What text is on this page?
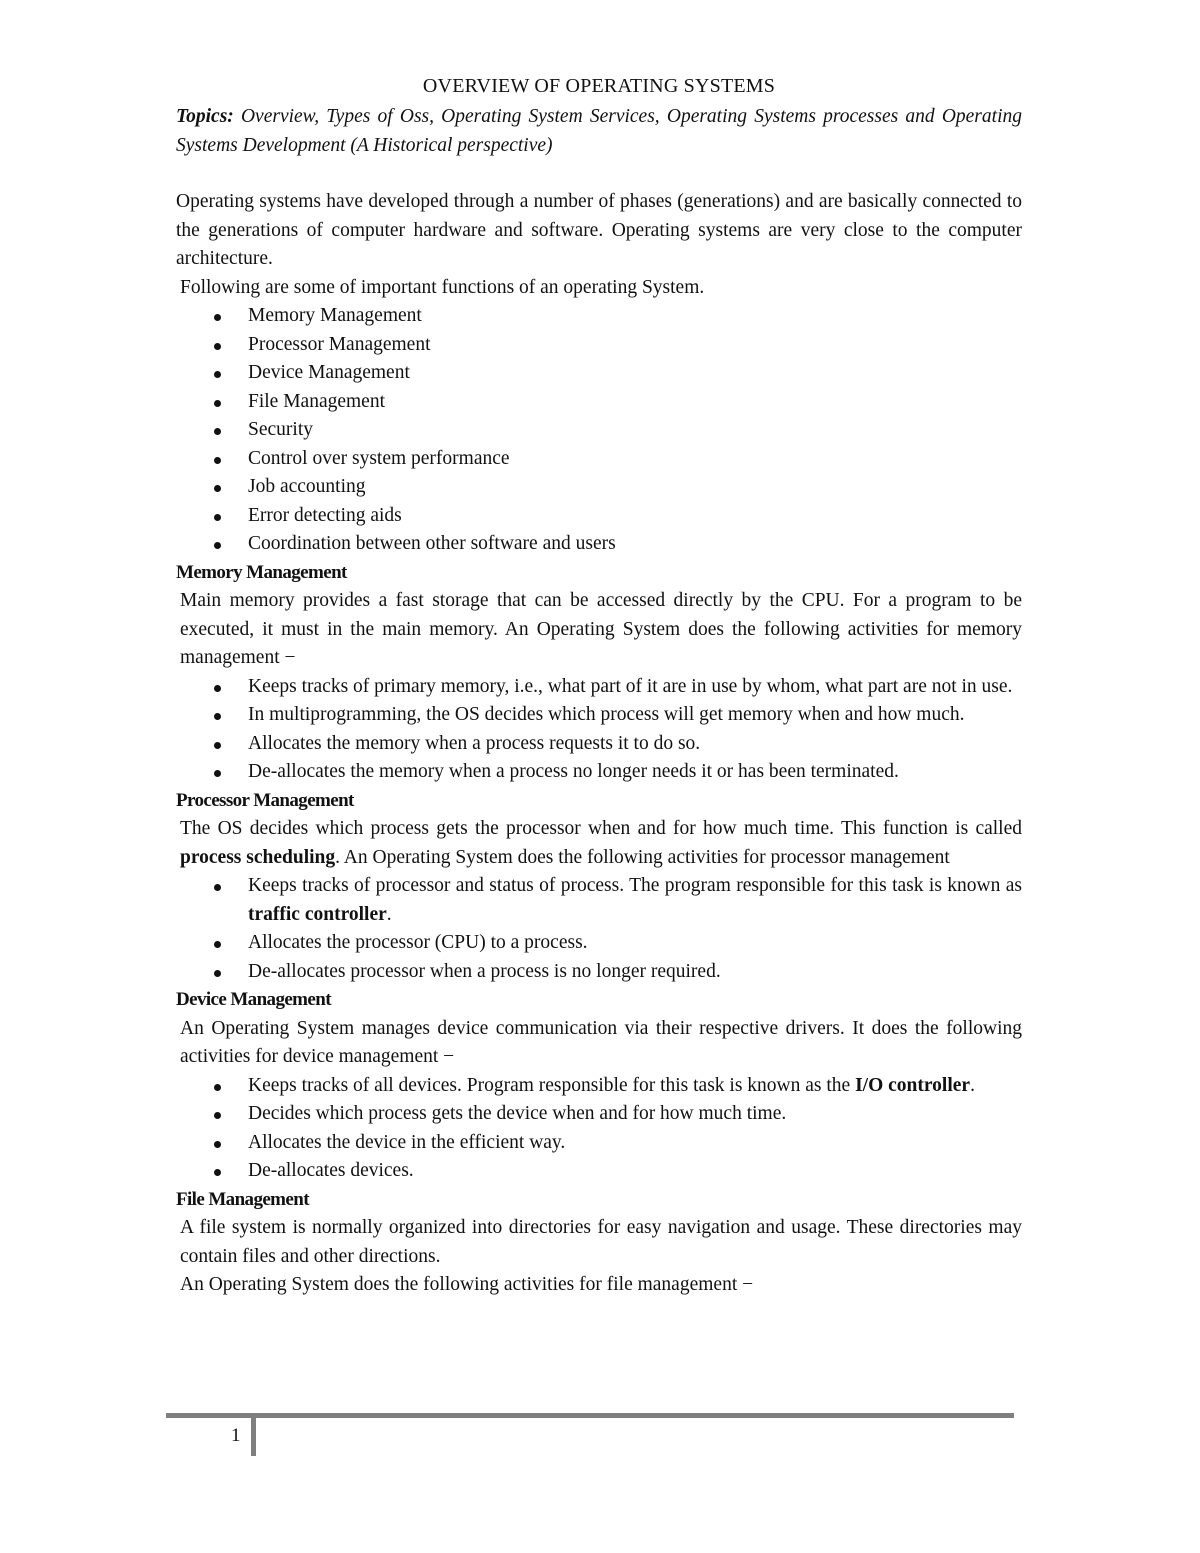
OVERVIEW OF OPERATING SYSTEMS

Topics: Overview, Types of Oss, Operating System Services, Operating Systems processes and Operating Systems Development (A Historical perspective)

Operating systems have developed through a number of phases (generations) and are basically connected to the generations of computer hardware and software. Operating systems are very close to the computer architecture.

Following are some of important functions of an operating System.

Memory Management
Processor Management
Device Management
File Management
Security
Control over system performance
Job accounting
Error detecting aids
Coordination between other software and users

Memory Management

Main memory provides a fast storage that can be accessed directly by the CPU. For a program to be executed, it must in the main memory. An Operating System does the following activities for memory management −

Keeps tracks of primary memory, i.e., what part of it are in use by whom, what part are not in use.
In multiprogramming, the OS decides which process will get memory when and how much.
Allocates the memory when a process requests it to do so.
De-allocates the memory when a process no longer needs it or has been terminated.

Processor Management

The OS decides which process gets the processor when and for how much time. This function is called process scheduling. An Operating System does the following activities for processor management

Keeps tracks of processor and status of process. The program responsible for this task is known as traffic controller.
Allocates the processor (CPU) to a process.
De-allocates processor when a process is no longer required.

Device Management

An Operating System manages device communication via their respective drivers. It does the following activities for device management −

Keeps tracks of all devices. Program responsible for this task is known as the I/O controller.
Decides which process gets the device when and for how much time.
Allocates the device in the efficient way.
De-allocates devices.

File Management

A file system is normally organized into directories for easy navigation and usage. These directories may contain files and other directions.

An Operating System does the following activities for file management −

1
